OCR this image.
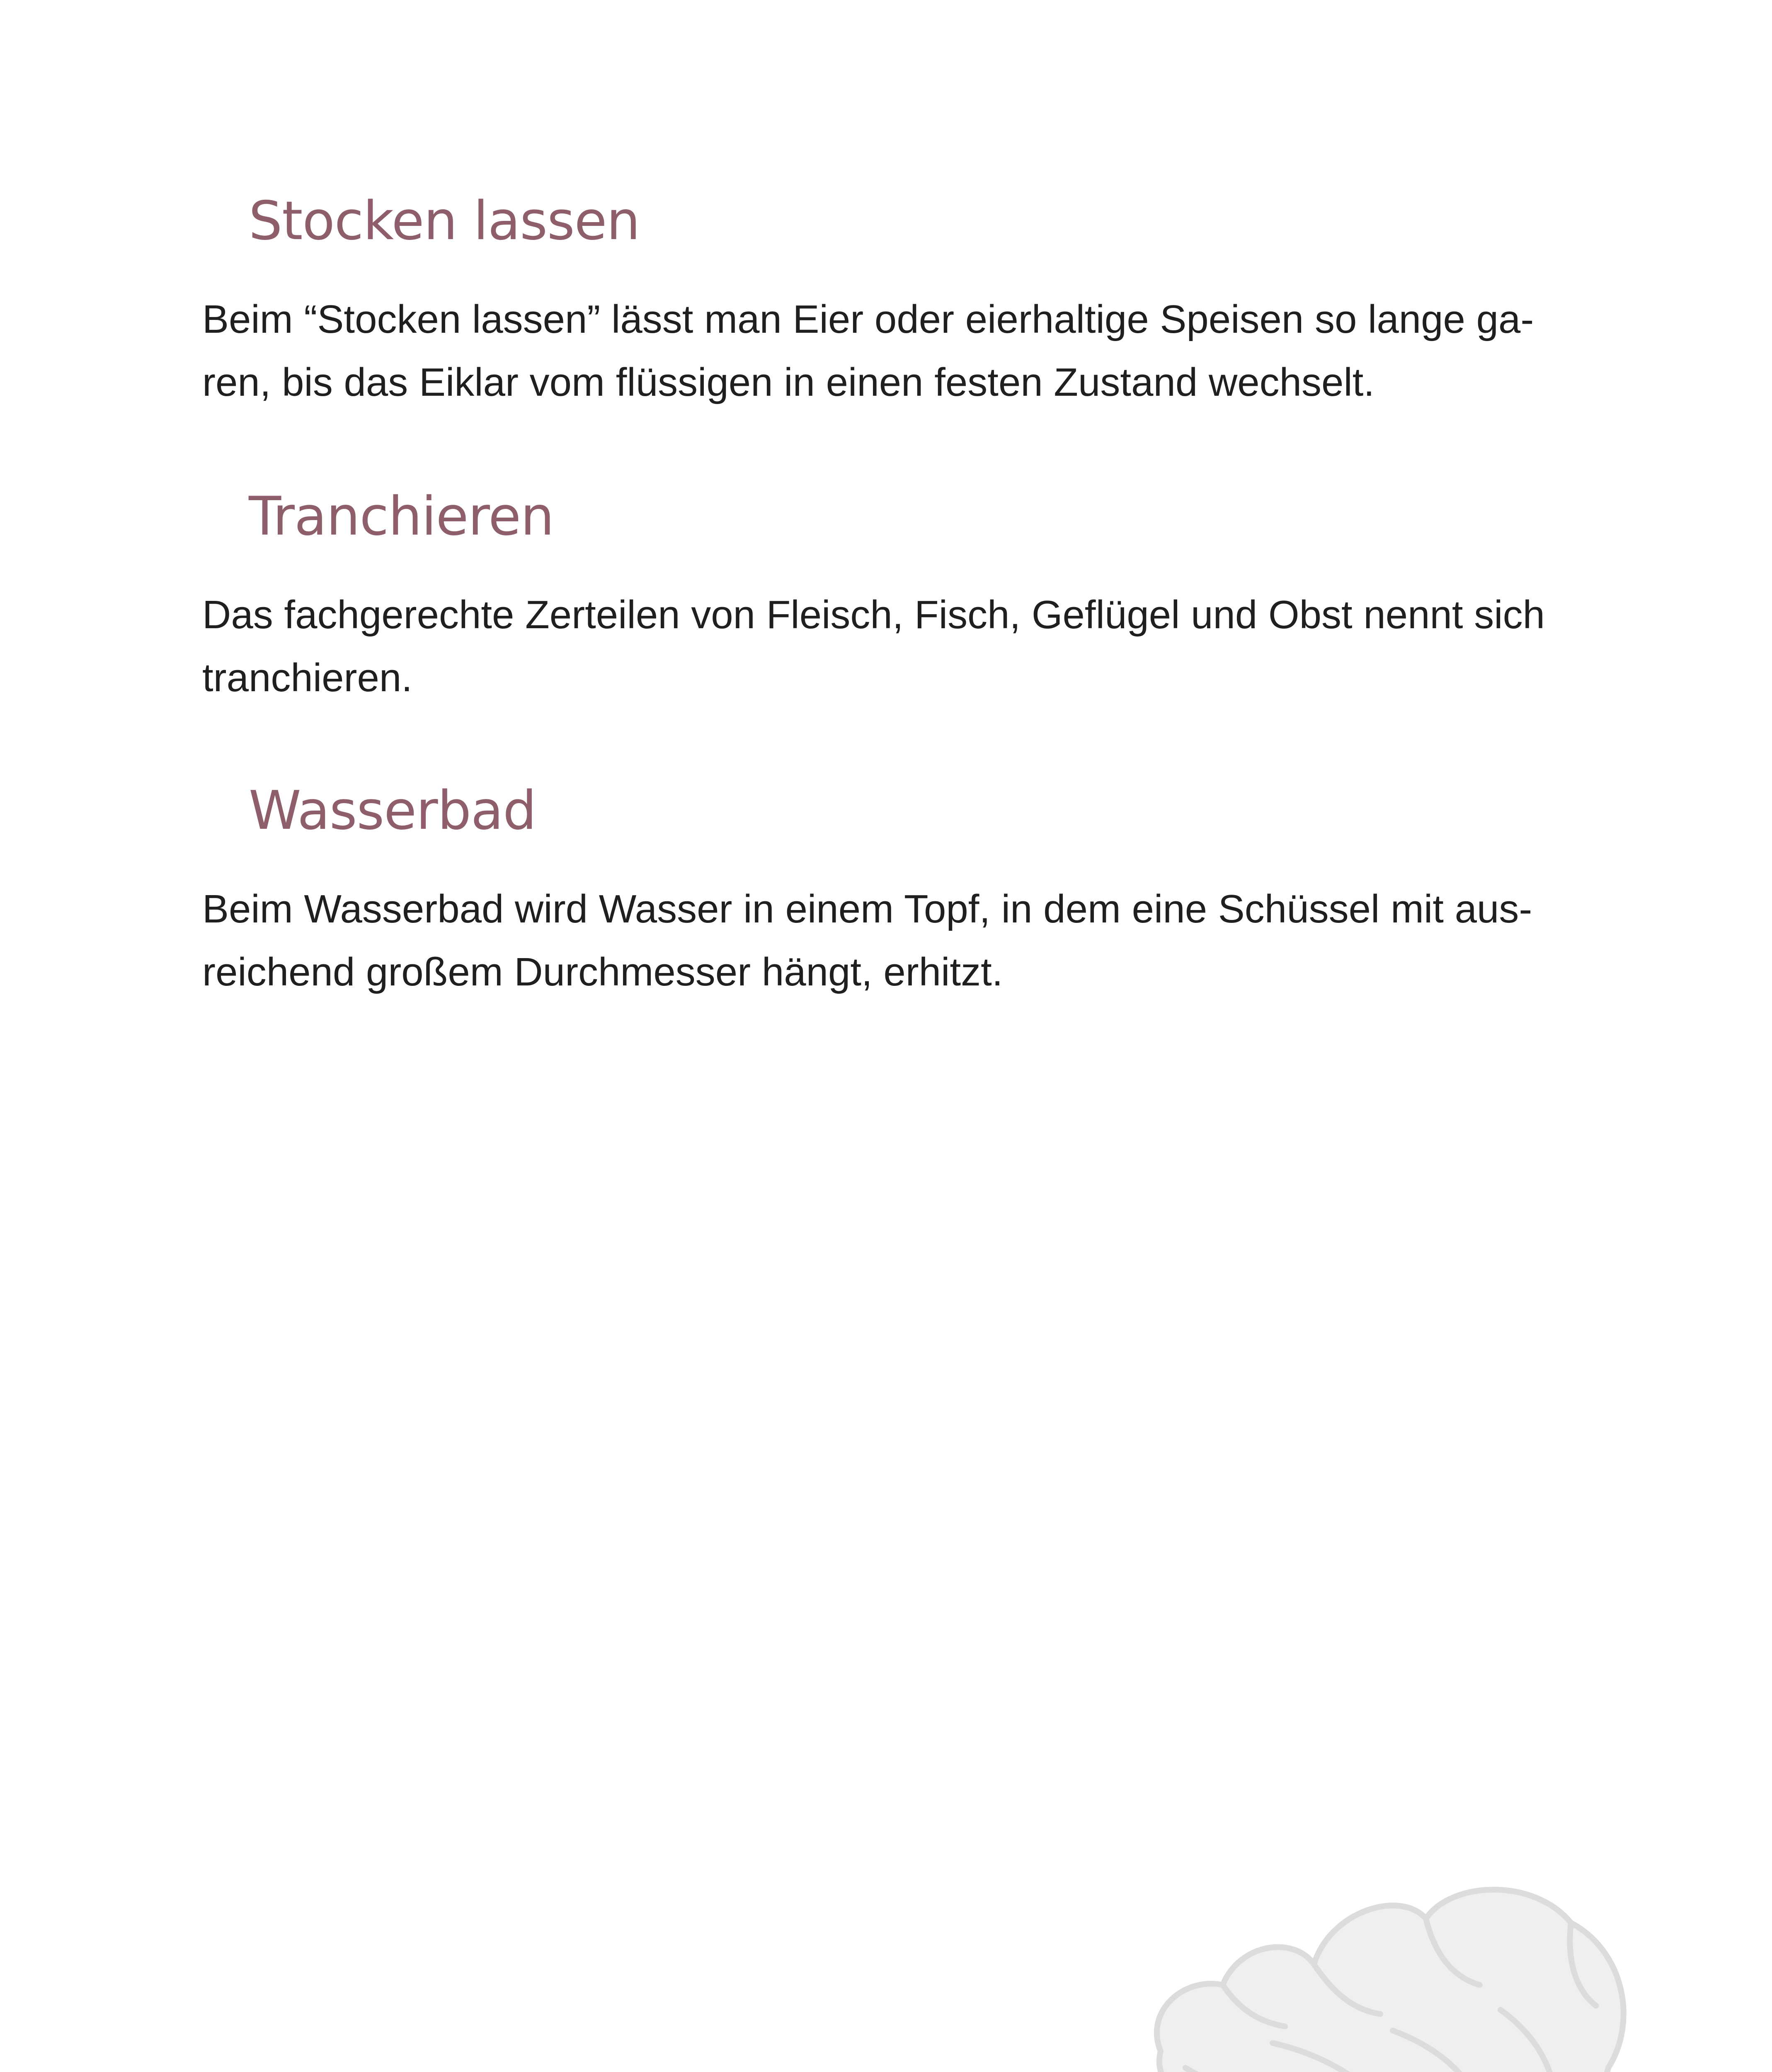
Stocken lassen

Beim “Stocken lassen” lässt man Eier oder eierhaltige Speisen so lange ga-
ren, bis das Eiklar vom flüssigen in einen festen Zustand wechselt.

Tranchieren

Das fachgerechte Zerteilen von Fleisch, Fisch, Geflügel und Obst nennt sich
tranchieren.

Wasserbad

Beim Wasserbad wird Wasser in einem Topf, in dem eine Schüssel mit aus-
reichend großem Durchmesser hängt, erhitzt.
